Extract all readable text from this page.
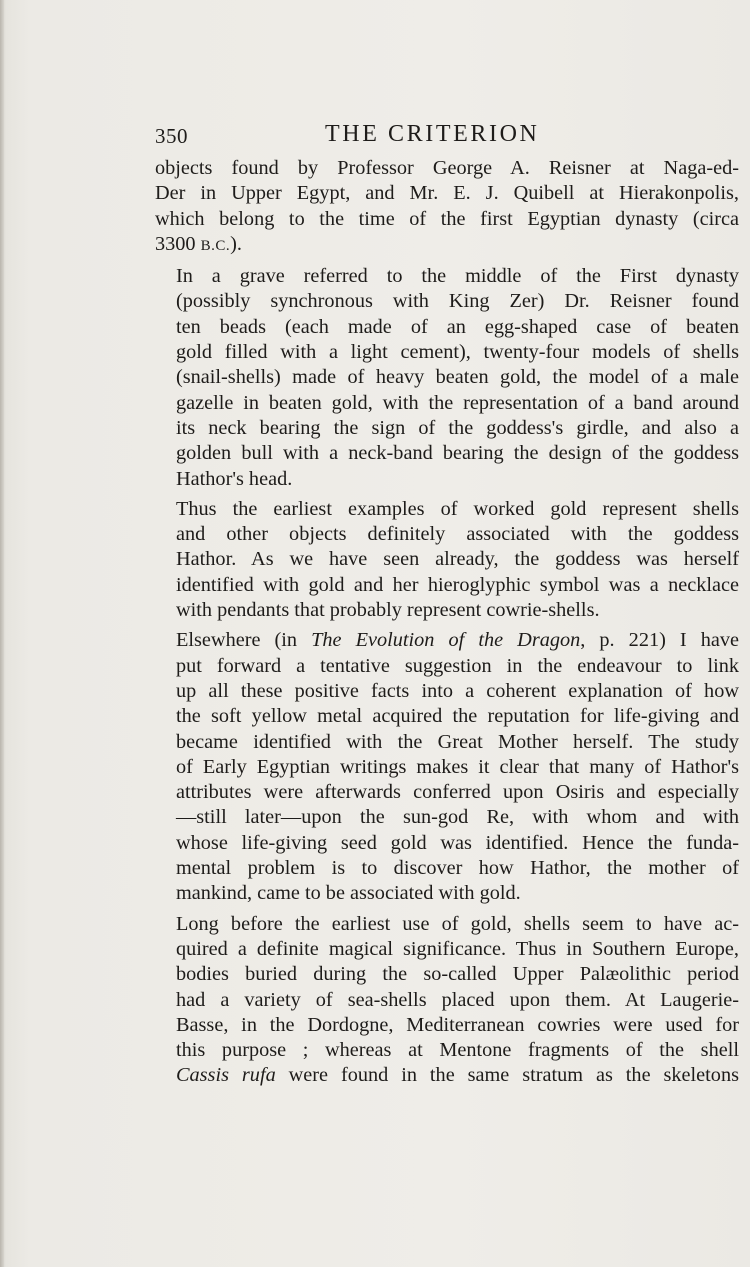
350	THE CRITERION

objects found by Professor George A. Reisner at Naga-ed-
Der in Upper Egypt, and Mr. E. J. Quibell at Hierakonpolis,
which belong to the time of the first Egyptian dynasty (circa
3300 B.C.).

In a grave referred to the middle of the First dynasty
(possibly synchronous with King Zer) Dr. Reisner found
ten beads (each made of an egg-shaped case of beaten
gold filled with a light cement), twenty-four models of shells
(snail-shells) made of heavy beaten gold, the model of a male
gazelle in beaten gold, with the representation of a band around
its neck bearing the sign of the goddess's girdle, and also a
golden bull with a neck-band bearing the design of the goddess
Hathor's head.

Thus the earliest examples of worked gold represent shells
and other objects definitely associated with the goddess
Hathor. As we have seen already, the goddess was herself
identified with gold and her hieroglyphic symbol was a necklace
with pendants that probably represent cowrie-shells.

Elsewhere (in The Evolution of the Dragon, p. 221) I have
put forward a tentative suggestion in the endeavour to link
up all these positive facts into a coherent explanation of how
the soft yellow metal acquired the reputation for life-giving and
became identified with the Great Mother herself. The study
of Early Egyptian writings makes it clear that many of Hathor's
attributes were afterwards conferred upon Osiris and especially
—still later—upon the sun-god Re, with whom and with
whose life-giving seed gold was identified. Hence the funda-
mental problem is to discover how Hathor, the mother of
mankind, came to be associated with gold.

Long before the earliest use of gold, shells seem to have ac-
quired a definite magical significance. Thus in Southern Europe,
bodies buried during the so-called Upper Palæolithic period
had a variety of sea-shells placed upon them. At Laugerie-
Basse, in the Dordogne, Mediterranean cowries were used for
this purpose ; whereas at Mentone fragments of the shell
Cassis rufa were found in the same stratum as the skeletons
